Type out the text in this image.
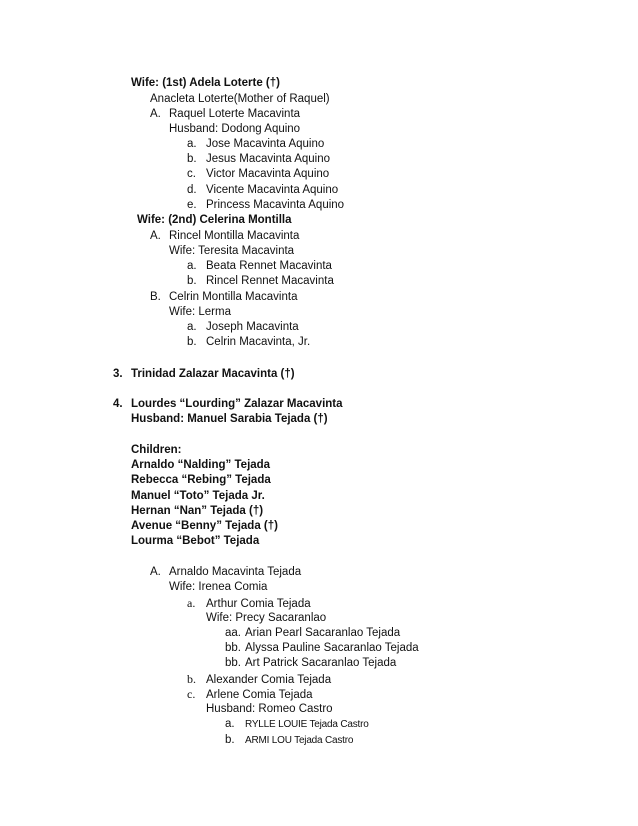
Wife: (1st) Adela Loterte (†)
Anacleta Loterte(Mother of Raquel)
A. Raquel Loterte Macavinta
Husband: Dodong Aquino
a. Jose Macavinta Aquino
b. Jesus Macavinta Aquino
c. Victor Macavinta Aquino
d. Vicente Macavinta Aquino
e. Princess Macavinta Aquino
Wife: (2nd) Celerina Montilla
A. Rincel Montilla Macavinta
Wife: Teresita Macavinta
a. Beata Rennet Macavinta
b. Rincel Rennet Macavinta
B. Celrin Montilla Macavinta
Wife: Lerma
a. Joseph Macavinta
b. Celrin Macavinta, Jr.
3. Trinidad Zalazar Macavinta (†)
4. Lourdes “Lourding” Zalazar Macavinta
Husband: Manuel Sarabia Tejada (†)
Children:
Arnaldo “Nalding” Tejada
Rebecca “Rebing” Tejada
Manuel “Toto” Tejada Jr.
Hernan “Nan” Tejada (†)
Avenue “Benny” Tejada (†)
Lourma “Bebot” Tejada
A. Arnaldo Macavinta Tejada
Wife: Irenea Comia
a. Arthur Comia Tejada
Wife: Precy Sacaranlao
aa. Arian Pearl Sacaranlao Tejada
bb. Alyssa Pauline Sacaranlao Tejada
bb. Art Patrick Sacaranlao Tejada
b. Alexander Comia Tejada
c. Arlene Comia Tejada
Husband: Romeo Castro
a. RYLLE LOUIE Tejada Castro
b. ARMI LOU Tejada Castro
